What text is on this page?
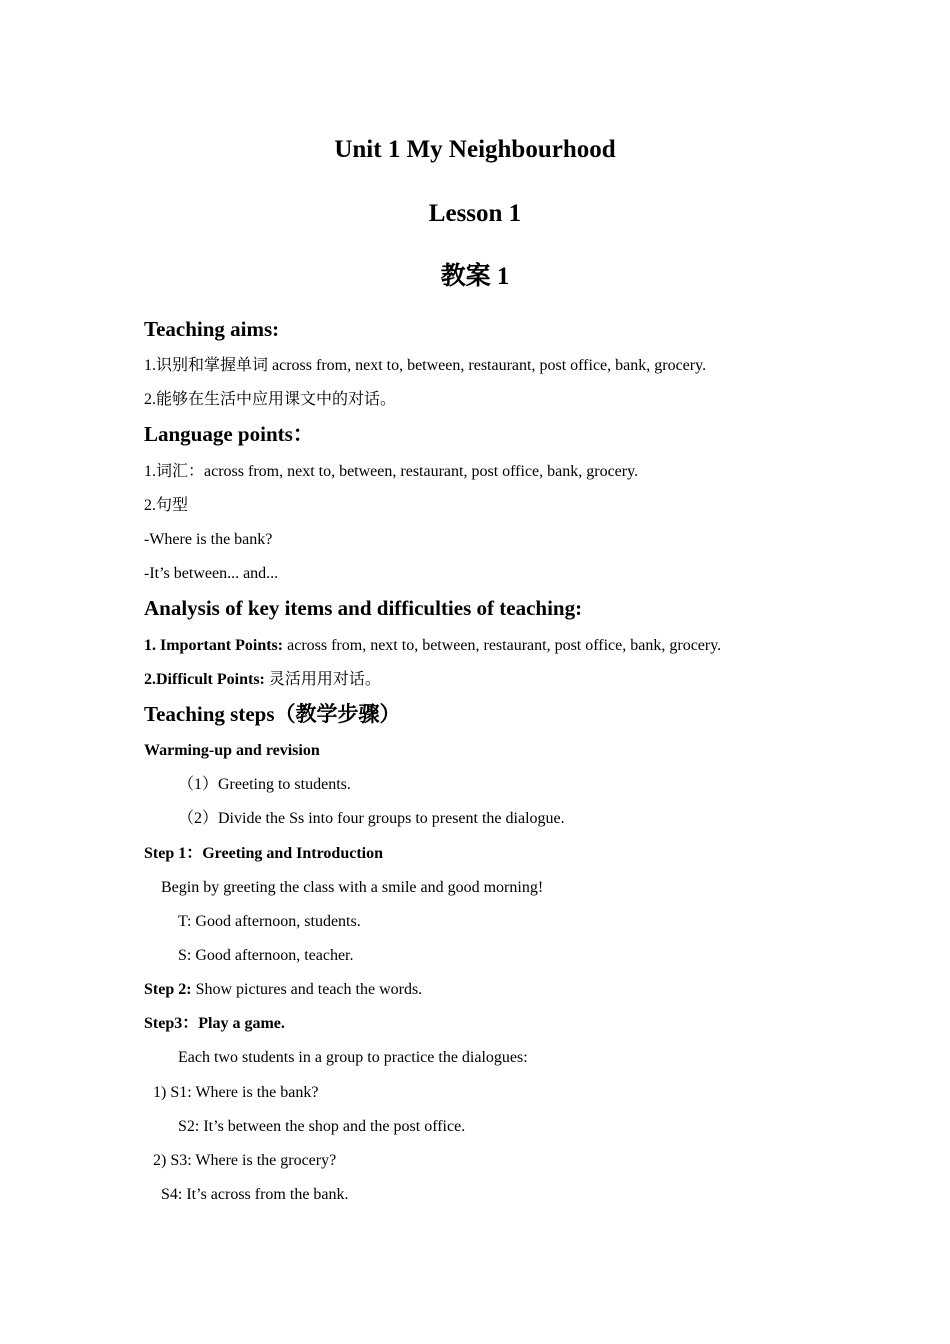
Unit 1 My Neighbourhood
Lesson 1
教案 1
Teaching aims:
1.识别和掌握单词 across from, next to, between, restaurant, post office, bank, grocery.
2.能够在生活中应用课文中的对话。
Language points：
1.词汇：across from, next to, between, restaurant, post office, bank, grocery.
2.句型
-Where is the bank?
-It’s between... and...
Analysis of key items and difficulties of teaching:
1. Important Points: across from, next to, between, restaurant, post office, bank, grocery.
2.Difficult Points: 灵活用用对话。
Teaching steps（教学步骤）
Warming-up and revision
（1）Greeting to students.
（2）Divide the Ss into four groups to present the dialogue.
Step 1：Greeting and Introduction
Begin by greeting the class with a smile and good morning!
T: Good afternoon, students.
S: Good afternoon, teacher.
Step 2: Show pictures and teach the words.
Step3：Play a game.
Each two students in a group to practice the dialogues:
1) S1: Where is the bank?
S2: It’s between the shop and the post office.
2) S3: Where is the grocery?
S4: It’s across from the bank.
